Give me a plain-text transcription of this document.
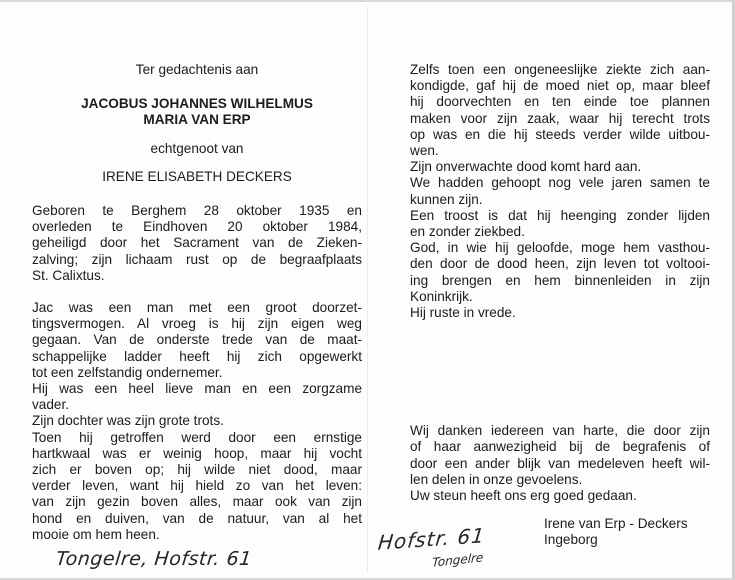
Ter gedachtenis aan
JACOBUS JOHANNES WILHELMUS
MARIA VAN ERP
echtgenoot van
IRENE ELISABETH DECKERS
Geboren te Berghem 28 oktober 1935 en
overleden te Eindhoven 20 oktober 1984,
geheiligd door het Sacrament van de Zieken-
zalving; zijn lichaam rust op de begraafplaats
St. Calixtus.
Jac was een man met een groot doorzet-
tingsvermogen. Al vroeg is hij zijn eigen weg
gegaan. Van de onderste trede van de maat-
schappelijke ladder heeft hij zich opgewerkt
tot een zelfstandig ondernemer.
Hij was een heel lieve man en een zorgzame
vader.
Zijn dochter was zijn grote trots.
Toen hij getroffen werd door een ernstige
hartkwaal was er weinig hoop, maar hij vocht
zich er boven op; hij wilde niet dood, maar
verder leven, want hij hield zo van het leven:
van zijn gezin boven alles, maar ook van zijn
hond en duiven, van de natuur, van al het
mooie om hem heen.
Zelfs toen een ongeneeslijke ziekte zich aan-
kondigde, gaf hij de moed niet op, maar bleef
hij doorvechten en ten einde toe plannen
maken voor zijn zaak, waar hij terecht trots
op was en die hij steeds verder wilde uitbou-
wen.
Zijn onverwachte dood komt hard aan.
We hadden gehoopt nog vele jaren samen te
kunnen zijn.
Een troost is dat hij heenging zonder lijden
en zonder ziekbed.
God, in wie hij geloofde, moge hem vasthou-
den door de dood heen, zijn leven tot voltooi-
ing brengen en hem binnenleiden in zijn
Koninkrijk.
Hij ruste in vrede.
Wij danken iedereen van harte, die door zijn
of haar aanwezigheid bij de begrafenis of
door een ander blijk van medeleven heeft wil-
len delen in onze gevoelens.
Uw steun heeft ons erg goed gedaan.
Irene van Erp - Deckers
Ingeborg
Tongelre, Hofstr. 61
Hofstr. 61
Tongelre
